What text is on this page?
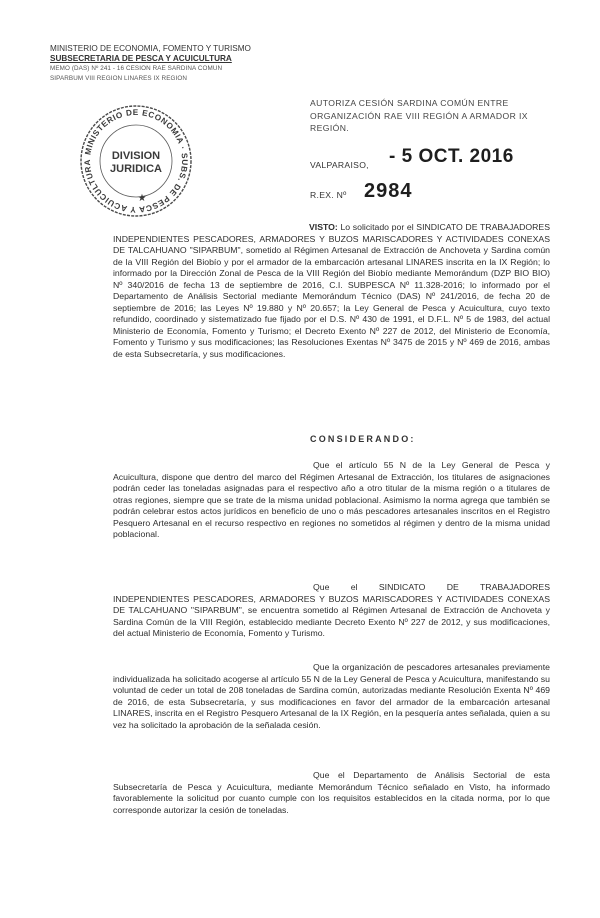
MINISTERIO DE ECONOMIA, FOMENTO Y TURISMO
SUBSECRETARIA DE PESCA Y ACUICULTURA
MEMO (DAS) Nº 241 - 16 CESION RAE SARDINA COMUN
SIPARBUM VIII REGION LINARES IX REGION
MINISTERIO DE ECONOMIA · SUBS. DE PESCA Y ACUICULTURA
DIVISION
JURIDICA
★
AUTORIZA CESIÓN SARDINA COMÚN ENTRE
ORGANIZACIÓN RAE VIII REGIÓN A ARMADOR IX
REGIÓN.
VALPARAISO, - 5 OCT. 2016
R.EX. Nº 2984

VISTO: Lo solicitado por el SINDICATO DE TRABAJADORES INDEPENDIENTES PESCADORES, ARMADORES Y BUZOS MARISCADORES Y ACTIVIDADES CONEXAS DE TALCAHUANO "SIPARBUM", sometido al Régimen Artesanal de Extracción de Anchoveta y Sardina común de la VIII Región del Biobío y por el armador de la embarcación artesanal LINARES inscrita en la IX Región; lo informado por la Dirección Zonal de Pesca de la VIII Región del Biobío mediante Memorándum (DZP BIO BIO) Nº 340/2016 de fecha 13 de septiembre de 2016, C.I. SUBPESCA Nº 11.328-2016; lo informado por el Departamento de Análisis Sectorial mediante Memorándum Técnico (DAS) Nº 241/2016, de fecha 20 de septiembre de 2016; las Leyes Nº 19.880 y Nº 20.657; la Ley General de Pesca y Acuicultura, cuyo texto refundido, coordinado y sistematizado fue fijado por el D.S. Nº 430 de 1991, el D.F.L. Nº 5 de 1983, del actual Ministerio de Economía, Fomento y Turismo; el Decreto Exento Nº 227 de 2012, del Ministerio de Economía, Fomento y Turismo y sus modificaciones; las Resoluciones Exentas Nº 3475 de 2015 y Nº 469 de 2016, ambas de esta Subsecretaría, y sus modificaciones.

CONSIDERANDO:

Que el artículo 55 N de la Ley General de Pesca y Acuicultura, dispone que dentro del marco del Régimen Artesanal de Extracción, los titulares de asignaciones podrán ceder las toneladas asignadas para el respectivo año a otro titular de la misma región o a titulares de otras regiones, siempre que se trate de la misma unidad poblacional. Asimismo la norma agrega que también se podrán celebrar estos actos jurídicos en beneficio de uno o más pescadores artesanales inscritos en el Registro Pesquero Artesanal en el recurso respectivo en regiones no sometidos al régimen y dentro de la misma unidad poblacional.

Que el SINDICATO DE TRABAJADORES INDEPENDIENTES PESCADORES, ARMADORES Y BUZOS MARISCADORES Y ACTIVIDADES CONEXAS DE TALCAHUANO "SIPARBUM", se encuentra sometido al Régimen Artesanal de Extracción de Anchoveta y Sardina Común de la VIII Región, establecido mediante Decreto Exento Nº 227 de 2012, y sus modificaciones, del actual Ministerio de Economía, Fomento y Turismo.

Que la organización de pescadores artesanales previamente individualizada ha solicitado acogerse al artículo 55 N de la Ley General de Pesca y Acuicultura, manifestando su voluntad de ceder un total de 208 toneladas de Sardina común, autorizadas mediante Resolución Exenta Nº 469 de 2016, de esta Subsecretaría, y sus modificaciones en favor del armador de la embarcación artesanal LINARES, inscrita en el Registro Pesquero Artesanal de la IX Región, en la pesquería antes señalada, quien a su vez ha solicitado la aprobación de la señalada cesión.

Que el Departamento de Análisis Sectorial de esta Subsecretaría de Pesca y Acuicultura, mediante Memorándum Técnico señalado en Visto, ha informado favorablemente la solicitud por cuanto cumple con los requisitos establecidos en la citada norma, por lo que corresponde autorizar la cesión de toneladas.
